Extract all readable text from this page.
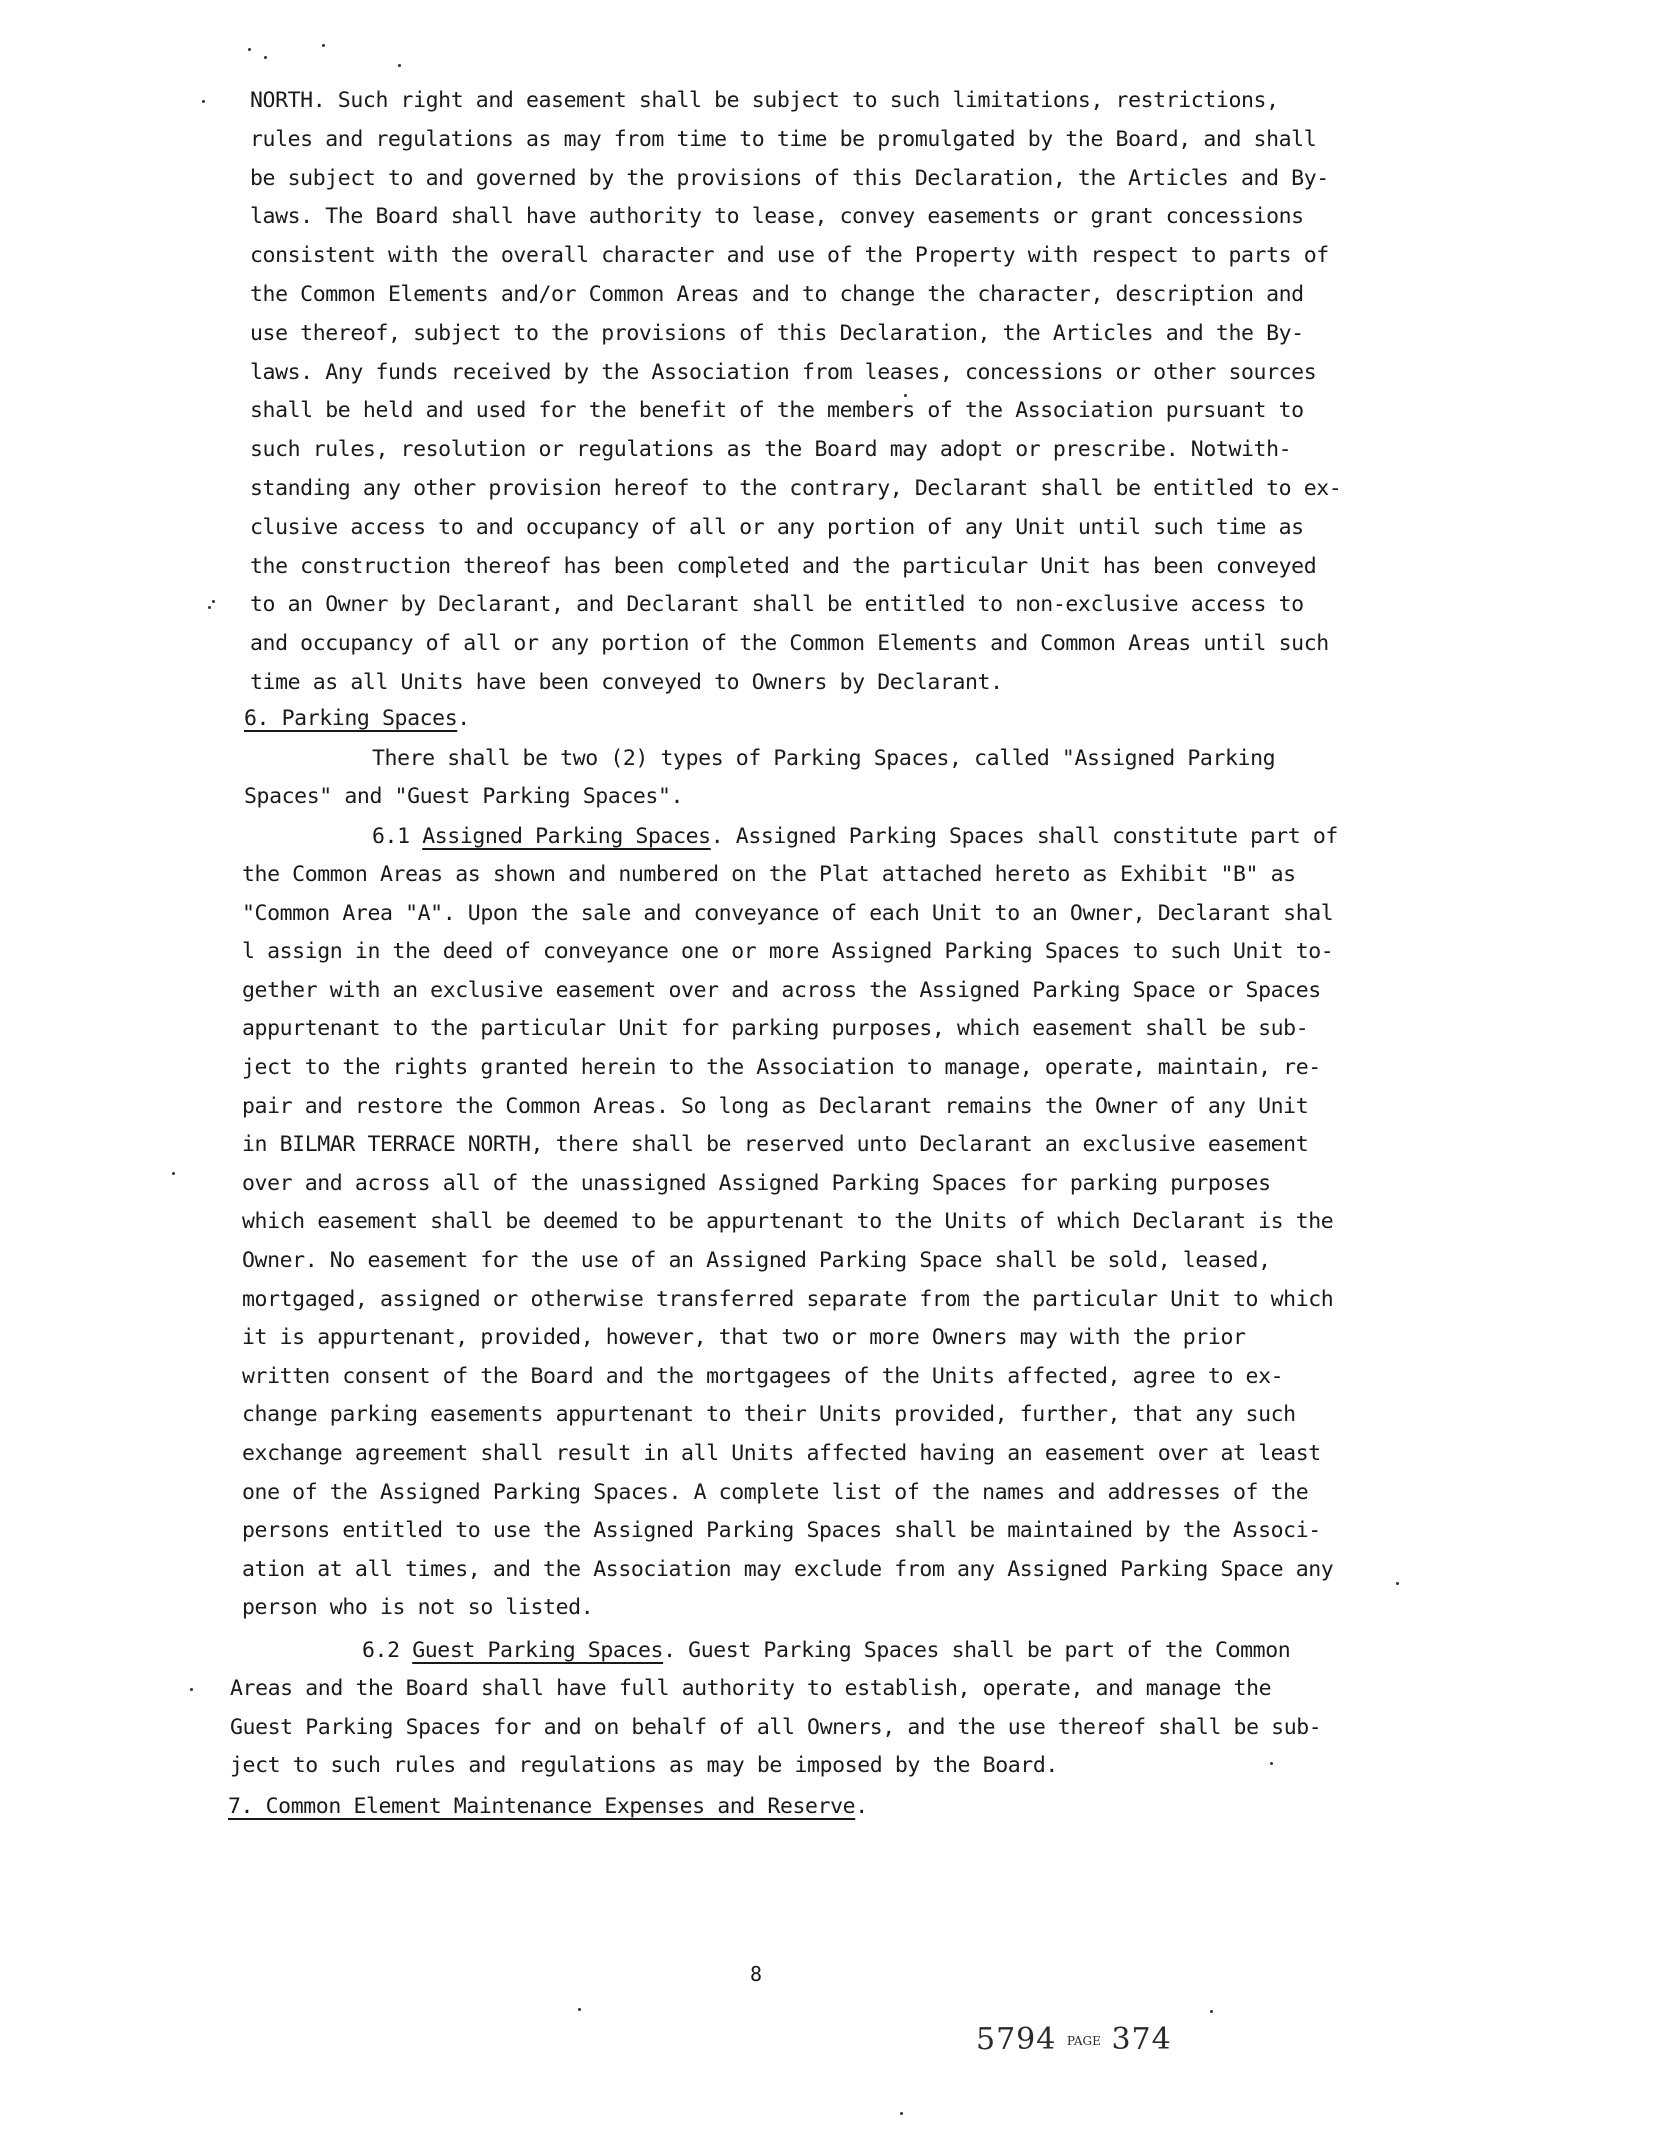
NORTH. Such right and easement shall be subject to such limitations, restrictions,
rules and regulations as may from time to time be promulgated by the Board, and shall
be subject to and governed by the provisions of this Declaration, the Articles and By-
laws. The Board shall have authority to lease, convey easements or grant concessions
consistent with the overall character and use of the Property with respect to parts of
the Common Elements and/or Common Areas and to change the character, description and
use thereof, subject to the provisions of this Declaration, the Articles and the By-
laws. Any funds received by the Association from leases, concessions or other sources
shall be held and used for the benefit of the members of the Association pursuant to
such rules, resolution or regulations as the Board may adopt or prescribe. Notwith-
standing any other provision hereof to the contrary, Declarant shall be entitled to ex-
clusive access to and occupancy of all or any portion of any Unit until such time as
the construction thereof has been completed and the particular Unit has been conveyed
to an Owner by Declarant, and Declarant shall be entitled to non-exclusive access to
and occupancy of all or any portion of the Common Elements and Common Areas until such
time as all Units have been conveyed to Owners by Declarant.
6. Parking Spaces.
There shall be two (2) types of Parking Spaces, called "Assigned Parking
Spaces" and "Guest Parking Spaces".
6.1 Assigned Parking Spaces. Assigned Parking Spaces shall constitute part of
the Common Areas as shown and numbered on the Plat attached hereto as Exhibit "B" as
"Common Area "A". Upon the sale and conveyance of each Unit to an Owner, Declarant shal
l assign in the deed of conveyance one or more Assigned Parking Spaces to such Unit to-
gether with an exclusive easement over and across the Assigned Parking Space or Spaces
appurtenant to the particular Unit for parking purposes, which easement shall be sub-
ject to the rights granted herein to the Association to manage, operate, maintain, re-
pair and restore the Common Areas. So long as Declarant remains the Owner of any Unit
in BILMAR TERRACE NORTH, there shall be reserved unto Declarant an exclusive easement
over and across all of the unassigned Assigned Parking Spaces for parking purposes
which easement shall be deemed to be appurtenant to the Units of which Declarant is the
Owner. No easement for the use of an Assigned Parking Space shall be sold, leased,
mortgaged, assigned or otherwise transferred separate from the particular Unit to which
it is appurtenant, provided, however, that two or more Owners may with the prior
written consent of the Board and the mortgagees of the Units affected, agree to ex-
change parking easements appurtenant to their Units provided, further, that any such
exchange agreement shall result in all Units affected having an easement over at least
one of the Assigned Parking Spaces. A complete list of the names and addresses of the
persons entitled to use the Assigned Parking Spaces shall be maintained by the Associ-
ation at all times, and the Association may exclude from any Assigned Parking Space any
person who is not so listed.
6.2 Guest Parking Spaces. Guest Parking Spaces shall be part of the Common
Areas and the Board shall have full authority to establish, operate, and manage the
Guest Parking Spaces for and on behalf of all Owners, and the use thereof shall be sub-
ject to such rules and regulations as may be imposed by the Board.
7. Common Element Maintenance Expenses and Reserve.
8
5794 PAGE 374
